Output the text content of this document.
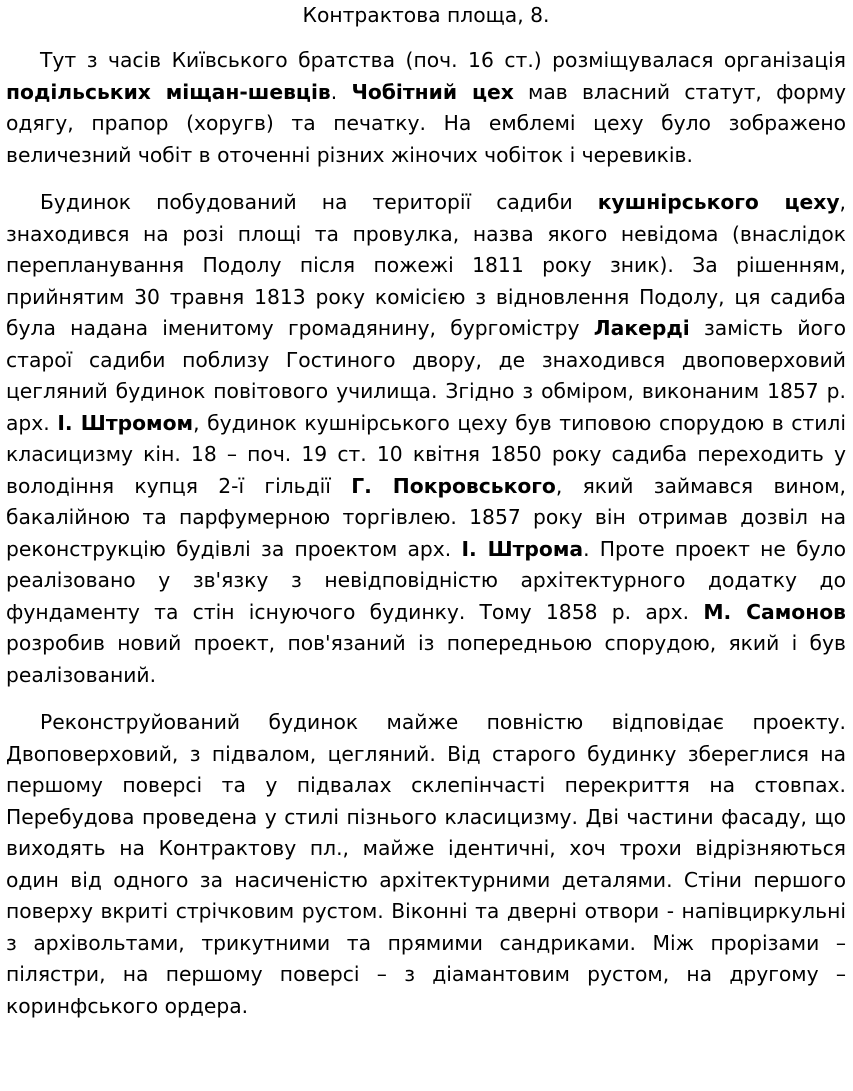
Контрактова площа, 8.

Тут з часів Київського братства (поч. 16 ст.) розміщувалася організація подільських міщан-шевців. Чобітний цех мав власний статут, форму одягу, прапор (хоругв) та печатку. На емблемі цеху було зображено величезний чобіт в оточенні різних жіночих чобіток і черевиків.

Будинок побудований на території садиби кушнірського цеху, знаходився на розі площі та провулка, назва якого невідома (внаслідок перепланування Подолу після пожежі 1811 року зник). За рішенням, прийнятим 30 травня 1813 року комісією з відновлення Подолу, ця садиба була надана іменитому громадянину, бургомістру Лакерді замість його старої садиби поблизу Гостиного двору, де знаходився двоповерховий цегляний будинок повітового училища. Згідно з обміром, виконаним 1857 р. арх. І. Штромом, будинок кушнірського цеху був типовою спорудою в стилі класицизму кін. 18 – поч. 19 ст. 10 квітня 1850 року садиба переходить у володіння купця 2-ї гільдії Г. Покровського, який займався вином, бакалійною та парфумерною торгівлею. 1857 року він отримав дозвіл на реконструкцію будівлі за проектом арх. І. Штрома. Проте проект не було реалізовано у зв'язку з невідповідністю архітектурного додатку до фундаменту та стін існуючого будинку. Тому 1858 р. арх. М. Самонов розробив новий проект, пов'язаний із попередньою спорудою, який і був реалізований.

Реконструйований будинок майже повністю відповідає проекту. Двоповерховий, з підвалом, цегляний. Від старого будинку збереглися на першому поверсі та у підвалах склепінчасті перекриття на стовпах. Перебудова проведена у стилі пізнього класицизму. Дві частини фасаду, що виходять на Контрактову пл., майже ідентичні, хоч трохи відрізняються один від одного за насиченістю архітектурними деталями. Стіни першого поверху вкриті стрічковим рустом. Віконні та дверні отвори - напівциркульні з архівольтами, трикутними та прямими сандриками. Між прорізами – пілястри, на першому поверсі – з діамантовим рустом, на другому – коринфського ордера.
